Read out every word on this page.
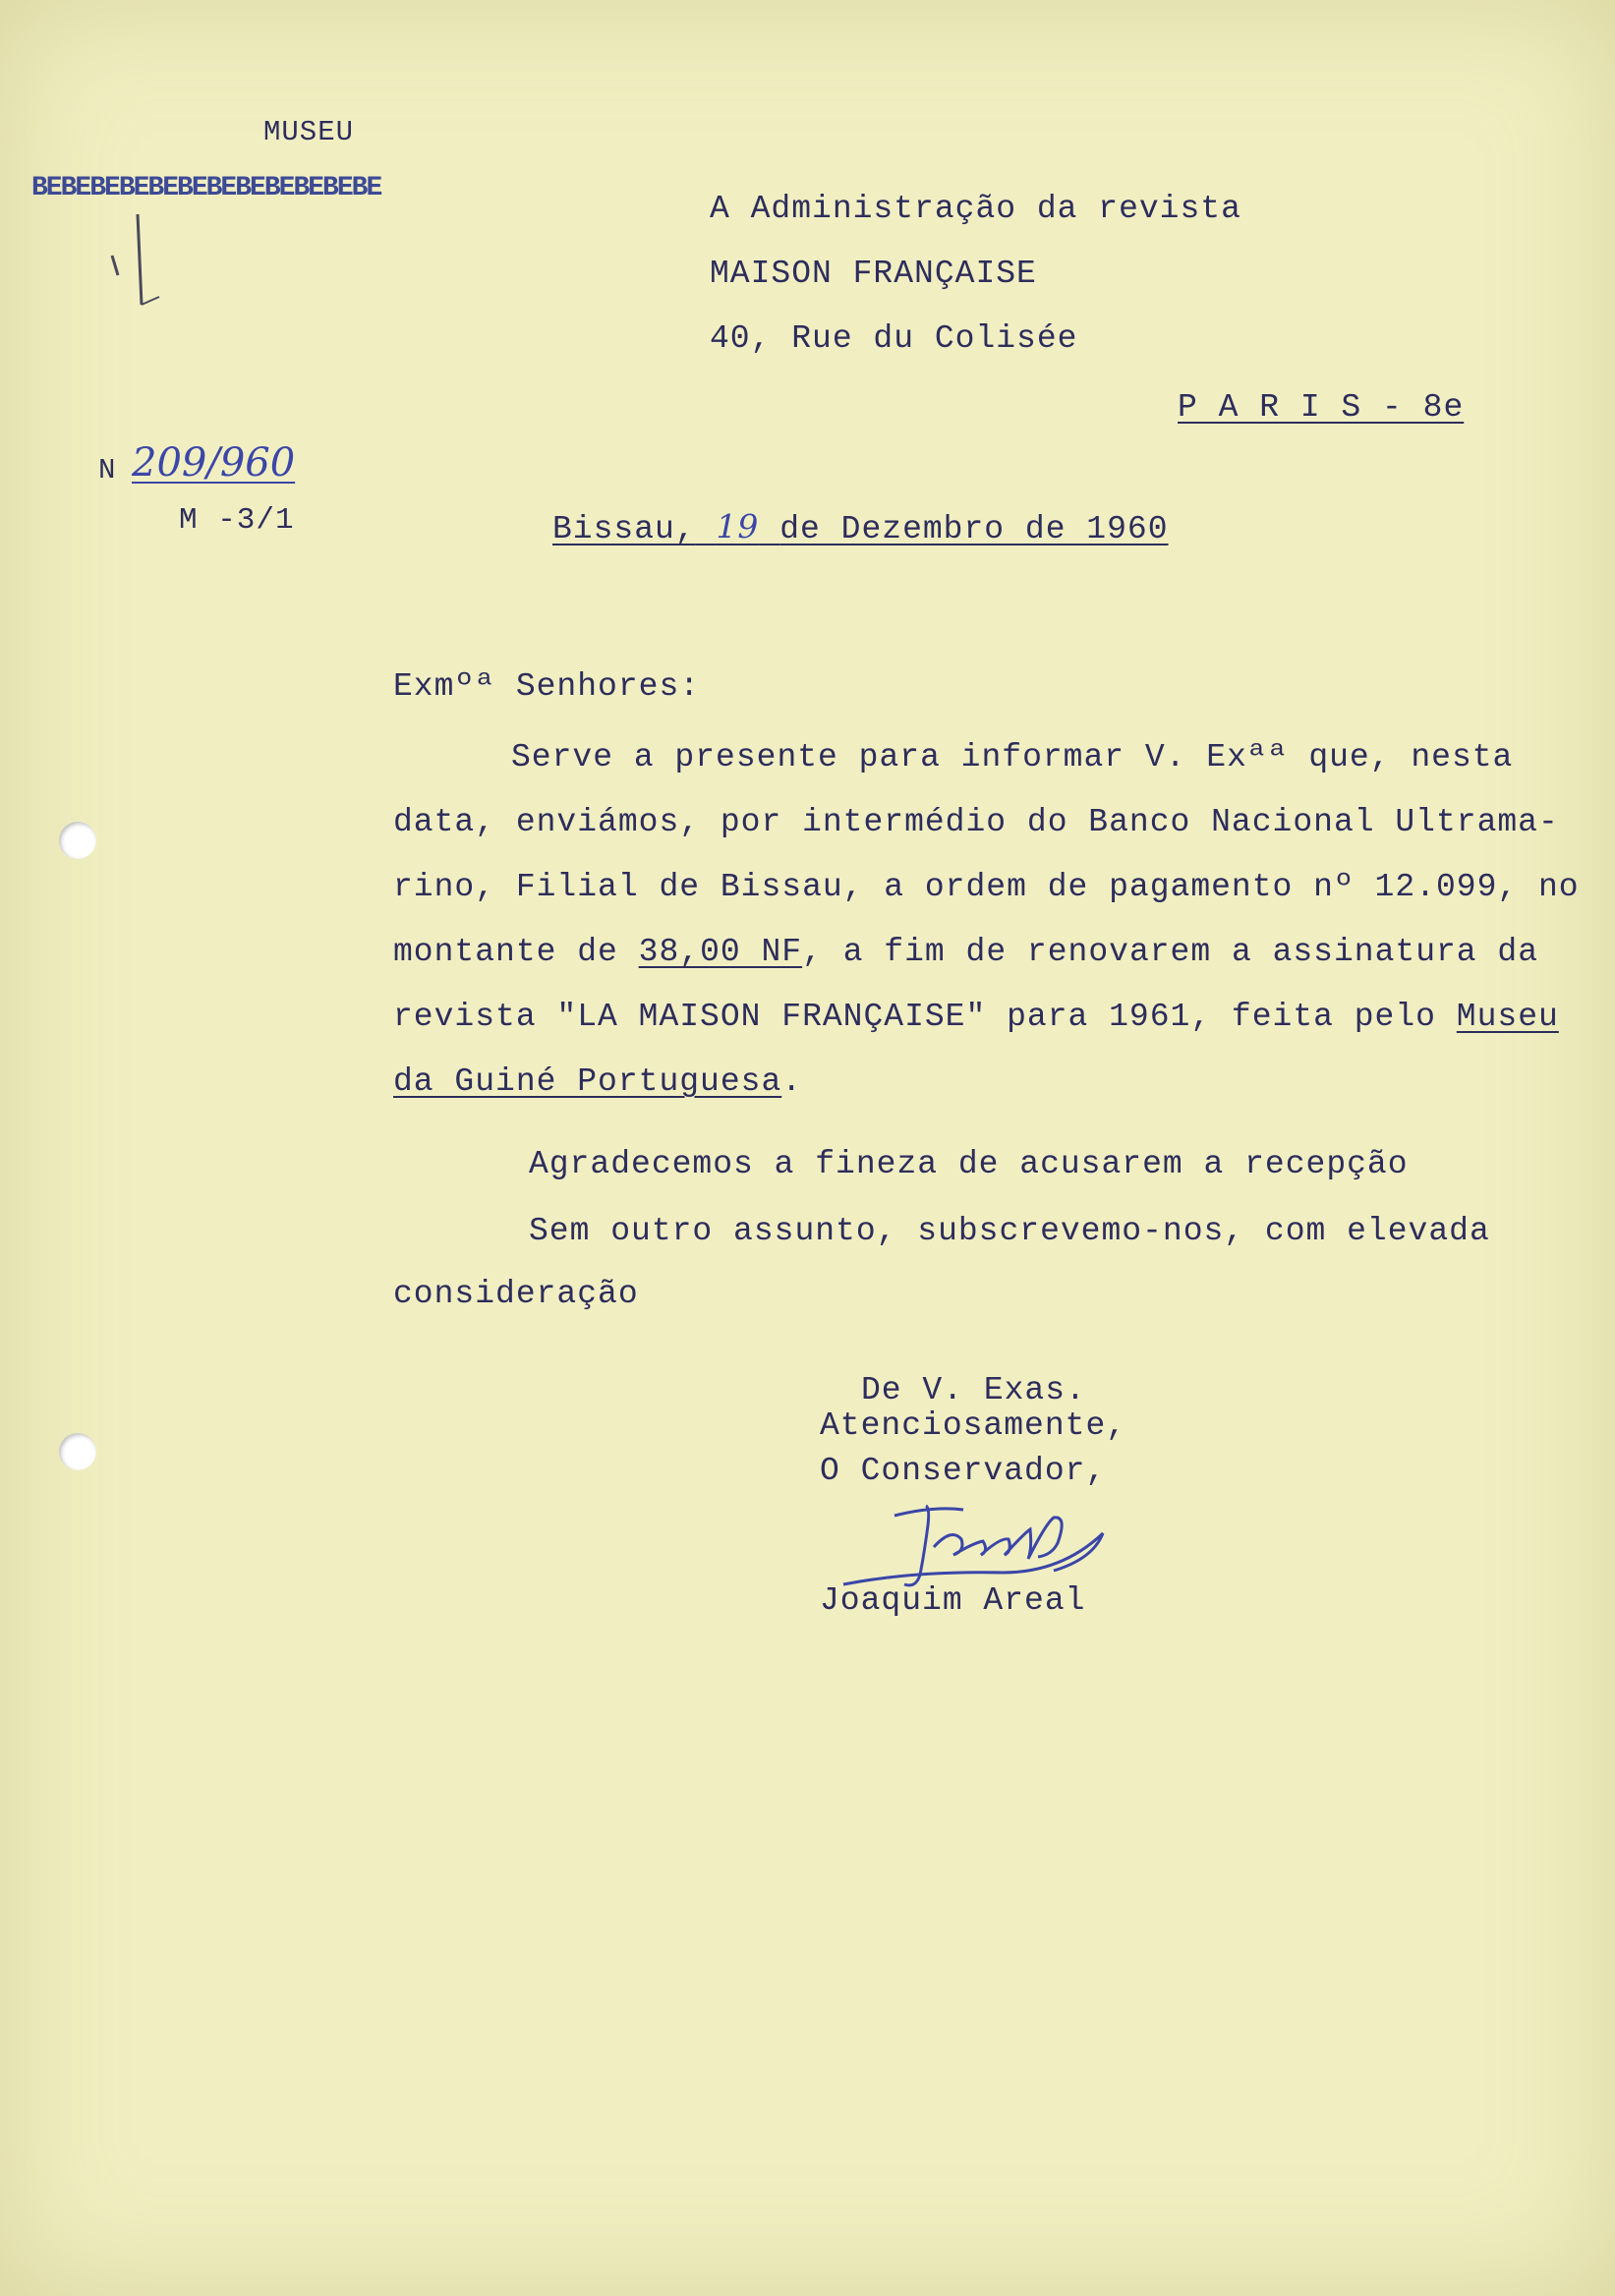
MUSEU
BEBEBEBEBEBEBEBEBEBEBEBE
N 209/960
M -3/1
A Administração da revista
MAISON FRANÇAISE
40, Rue du Colisée
P A R I S - 8e
Bissau, 19 de Dezembro de 1960
Exmºª Senhores:
Serve a presente para informar V. Exªª que, nesta
data, enviámos, por intermédio do Banco Nacional Ultrama-
rino, Filial de Bissau, a ordem de pagamento nº 12.099, no
montante de 38,00 NF, a fim de renovarem a assinatura da
revista "LA MAISON FRANÇAISE" para 1961, feita pelo Museu
da Guiné Portuguesa.
Agradecemos a fineza de acusarem a recepção
Sem outro assunto, subscrevemo-nos, com elevada
consideração
De V. Exas.
Atenciosamente,
O Conservador,
Joaquim Areal
